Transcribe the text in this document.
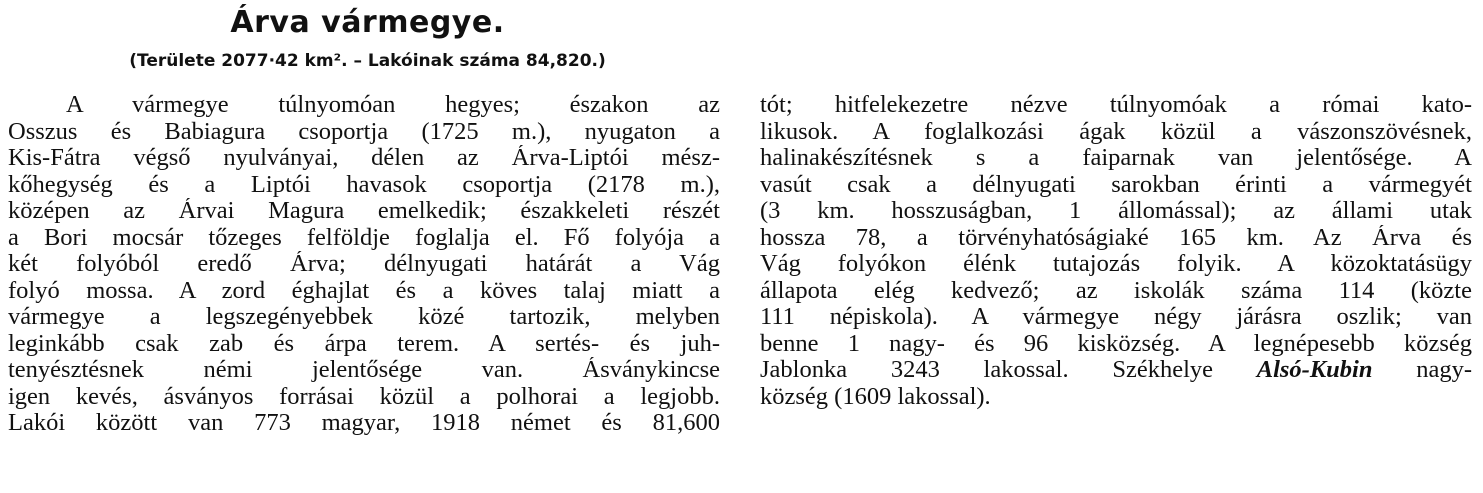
Árva vármegye.
(Területe 2077·42 km². – Lakóinak száma 84,820.)
A vármegye túlnyomóan hegyes; északon az
Osszus és Babiagura csoportja (1725 m.), nyugaton a
Kis-Fátra végső nyulványai, délen az Árva-Liptói mész-
kőhegység és a Liptói havasok csoportja (2178 m.),
középen az Árvai Magura emelkedik; északkeleti részét
a Bori mocsár tőzeges felföldje foglalja el. Fő folyója a
két folyóból eredő Árva; délnyugati határát a Vág
folyó mossa. A zord éghajlat és a köves talaj miatt a
vármegye a legszegényebbek közé tartozik, melyben
leginkább csak zab és árpa terem. A sertés- és juh-
tenyésztésnek némi jelentősége van. Ásványkincse
igen kevés, ásványos forrásai közül a polhorai a legjobb.
Lakói között van 773 magyar, 1918 német és 81,600
tót; hitfelekezetre nézve túlnyomóak a római kato-
likusok. A foglalkozási ágak közül a vászonszövésnek,
halinakészítésnek s a faiparnak van jelentősége. A
vasút csak a délnyugati sarokban érinti a vármegyét
(3 km. hosszuságban, 1 állomással); az állami utak
hossza 78, a törvényhatóságiaké 165 km. Az Árva és
Vág folyókon élénk tutajozás folyik. A közoktatásügy
állapota elég kedvező; az iskolák száma 114 (közte
111 népiskola). A vármegye négy járásra oszlik; van
benne 1 nagy- és 96 kisközség. A legnépesebb község
Jablonka 3243 lakossal. Székhelye Alsó-Kubin nagy-
község (1609 lakossal).
